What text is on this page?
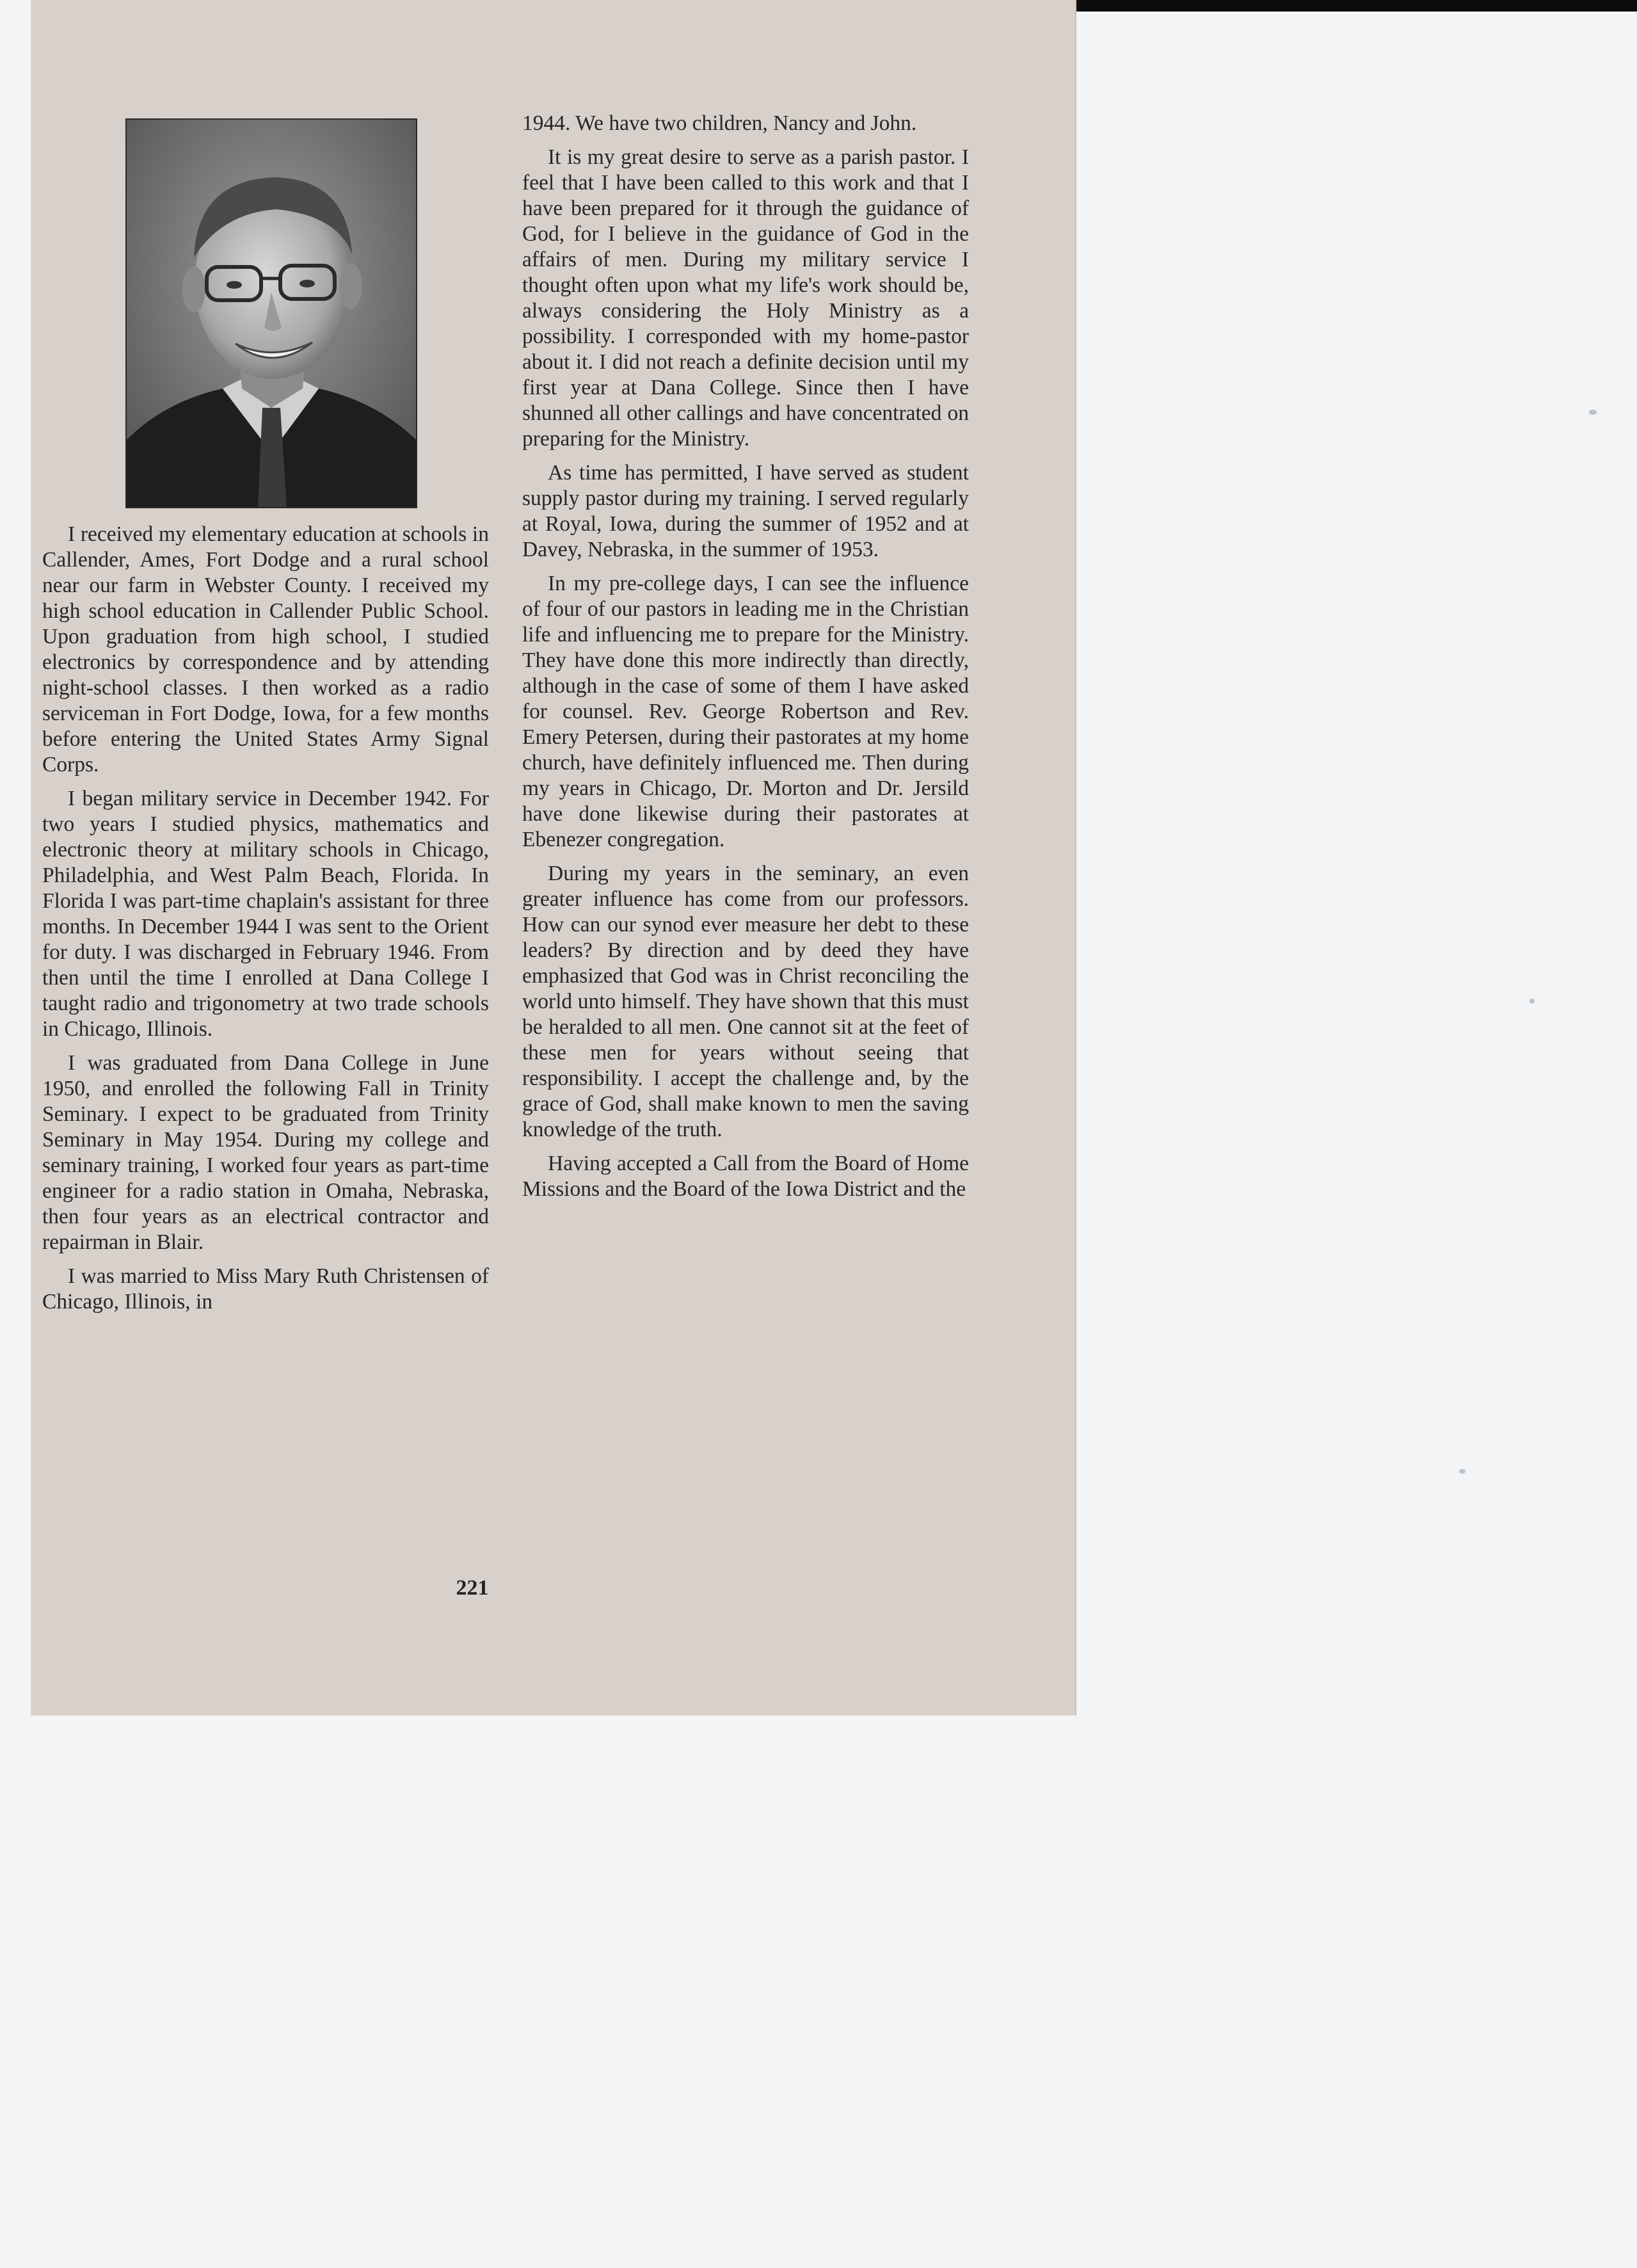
I received my elementary education at schools in Callender, Ames, Fort Dodge and a rural school near our farm in Webster County. I received my high school education in Callender Public School. Upon graduation from high school, I studied electronics by correspondence and by attending night-school classes. I then worked as a radio serviceman in Fort Dodge, Iowa, for a few months before entering the United States Army Signal Corps.

I began military service in December 1942. For two years I studied physics, mathematics and electronic theory at military schools in Chicago, Philadelphia, and West Palm Beach, Florida. In Florida I was part-time chaplain's assistant for three months. In December 1944 I was sent to the Orient for duty. I was discharged in February 1946. From then until the time I enrolled at Dana College I taught radio and trigonometry at two trade schools in Chicago, Illinois.

I was graduated from Dana College in June 1950, and enrolled the following Fall in Trinity Seminary. I expect to be graduated from Trinity Seminary in May 1954. During my college and seminary training, I worked four years as part-time engineer for a radio station in Omaha, Nebraska, then four years as an electrical contractor and repairman in Blair.

I was married to Miss Mary Ruth Christensen of Chicago, Illinois, in

1944. We have two children, Nancy and John.

It is my great desire to serve as a parish pastor. I feel that I have been called to this work and that I have been prepared for it through the guidance of God, for I believe in the guidance of God in the affairs of men. During my military service I thought often upon what my life's work should be, always considering the Holy Ministry as a possibility. I corresponded with my home-pastor about it. I did not reach a definite decision until my first year at Dana College. Since then I have shunned all other callings and have concentrated on preparing for the Ministry.

As time has permitted, I have served as student supply pastor during my training. I served regularly at Royal, Iowa, during the summer of 1952 and at Davey, Nebraska, in the summer of 1953.

In my pre-college days, I can see the influence of four of our pastors in leading me in the Christian life and influencing me to prepare for the Ministry. They have done this more indirectly than directly, although in the case of some of them I have asked for counsel. Rev. George Robertson and Rev. Emery Petersen, during their pastorates at my home church, have definitely influenced me. Then during my years in Chicago, Dr. Morton and Dr. Jersild have done likewise during their pastorates at Ebenezer congregation.

During my years in the seminary, an even greater influence has come from our professors. How can our synod ever measure her debt to these leaders? By direction and by deed they have emphasized that God was in Christ reconciling the world unto himself. They have shown that this must be heralded to all men. One cannot sit at the feet of these men for years without seeing that responsibility. I accept the challenge and, by the grace of God, shall make known to men the saving knowledge of the truth.

Having accepted a Call from the Board of Home Missions and the Board of the Iowa District and the

221
